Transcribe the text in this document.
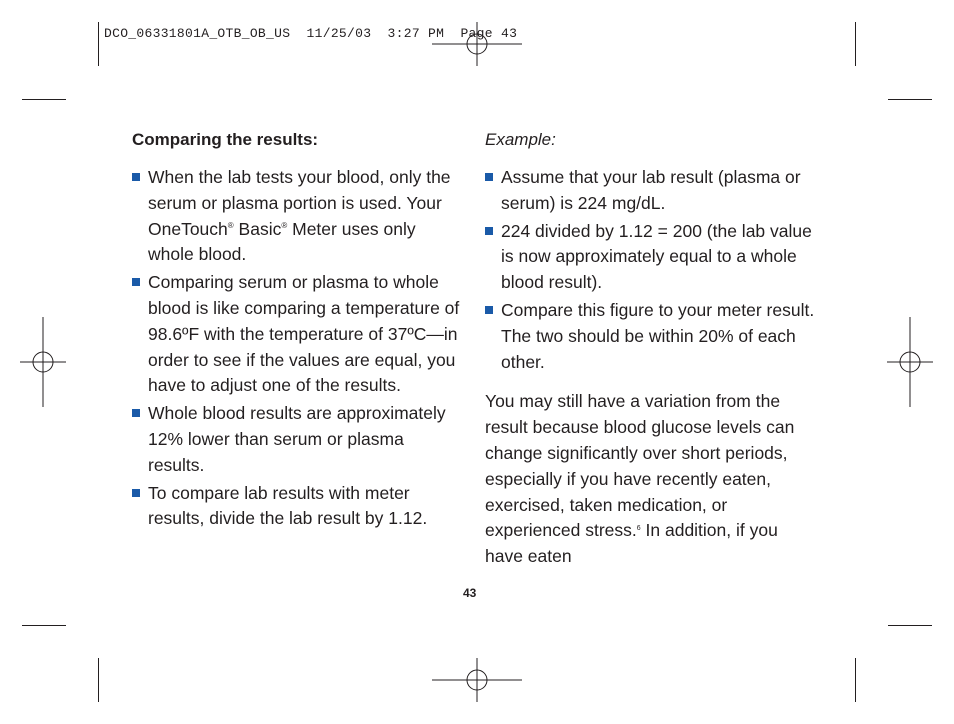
DCO_06331801A_OTB_OB_US  11/25/03  3:27 PM  Page 43
Comparing the results:
When the lab tests your blood, only the serum or plasma portion is used. Your OneTouch® Basic® Meter uses only whole blood.
Comparing serum or plasma to whole blood is like comparing a temperature of 98.6ºF with the temperature of 37ºC—in order to see if the values are equal, you have to adjust one of the results.
Whole blood results are approximately 12% lower than serum or plasma results.
To compare lab results with meter results, divide the lab result by 1.12.
Example:
Assume that your lab result (plasma or serum) is 224 mg/dL.
224 divided by 1.12 = 200 (the lab value is now approximately equal to a whole blood result).
Compare this figure to your meter result. The two should be within 20% of each other.
You may still have a variation from the result because blood glucose levels can change significantly over short periods, especially if you have recently eaten, exercised, taken medication, or experienced stress.$^6$ In addition, if you have eaten
43
